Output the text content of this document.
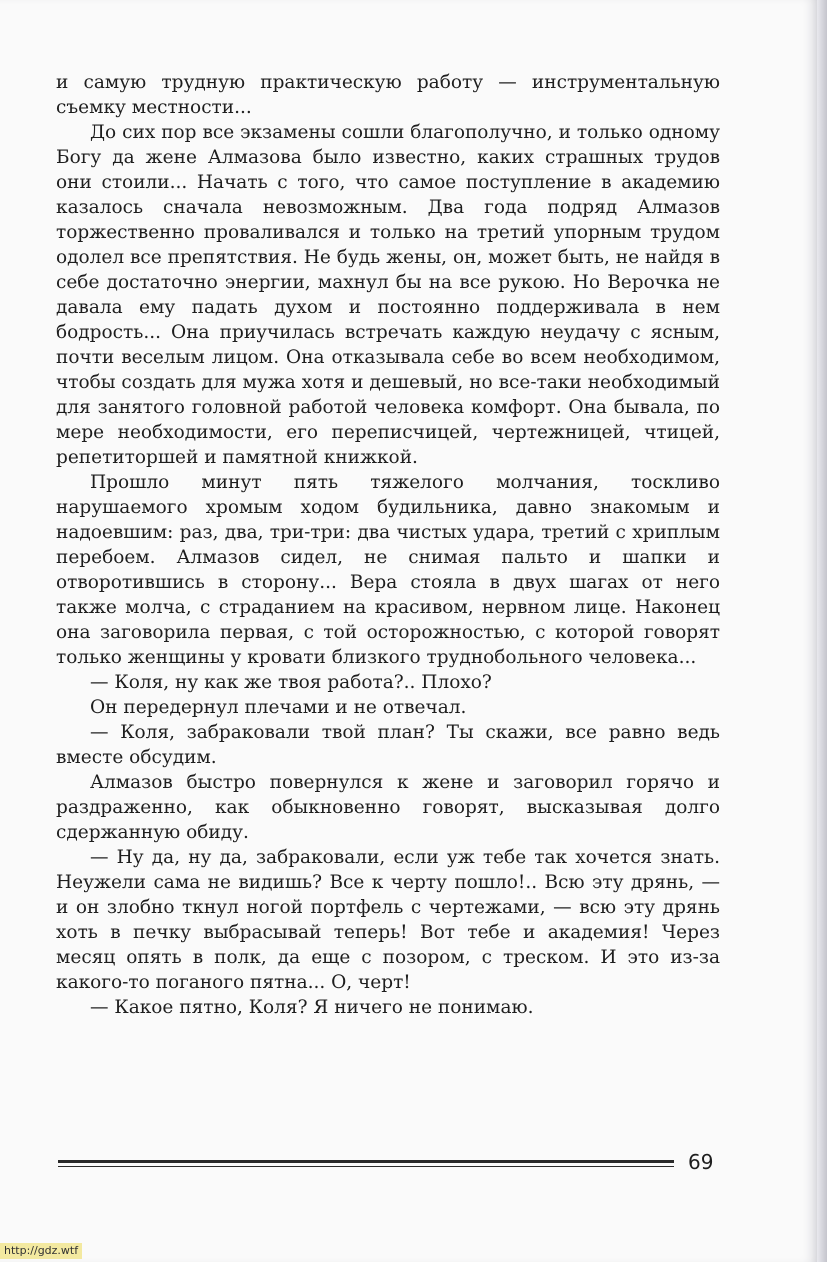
и самую трудную практическую работу — инструментальную съемку местности...

До сих пор все экзамены сошли благополучно, и только одному Богу да жене Алмазова было известно, каких страшных трудов они стоили... Начать с того, что самое поступление в академию казалось сначала невозможным. Два года подряд Алмазов торжественно проваливался и только на третий упорным трудом одолел все препятствия. Не будь жены, он, может быть, не найдя в себе достаточно энергии, махнул бы на все рукою. Но Верочка не давала ему падать духом и постоянно поддерживала в нем бодрость... Она приучилась встречать каждую неудачу с ясным, почти веселым лицом. Она отказывала себе во всем необходимом, чтобы создать для мужа хотя и дешевый, но все-таки необходимый для занятого головной работой человека комфорт. Она бывала, по мере необходимости, его переписчицей, чертежницей, чтицей, репетиторшей и памятной книжкой.

Прошло минут пять тяжелого молчания, тоскливо нарушаемого хромым ходом будильника, давно знакомым и надоевшим: раз, два, три-три: два чистых удара, третий с хриплым перебоем. Алмазов сидел, не снимая пальто и шапки и отворотившись в сторону... Вера стояла в двух шагах от него также молча, с страданием на красивом, нервном лице. Наконец она заговорила первая, с той осторожностью, с которой говорят только женщины у кровати близкого труднобольного человека...

— Коля, ну как же твоя работа?.. Плохо?

Он передернул плечами и не отвечал.

— Коля, забраковали твой план? Ты скажи, все равно ведь вместе обсудим.

Алмазов быстро повернулся к жене и заговорил горячо и раздраженно, как обыкновенно говорят, высказывая долго сдержанную обиду.

— Ну да, ну да, забраковали, если уж тебе так хочется знать. Неужели сама не видишь? Все к черту пошло!.. Всю эту дрянь, — и он злобно ткнул ногой портфель с чертежами, — всю эту дрянь хоть в печку выбрасывай теперь! Вот тебе и академия! Через месяц опять в полк, да еще с позором, с треском. И это из-за какого-то поганого пятна... О, черт!

— Какое пятно, Коля? Я ничего не понимаю.

69
http://gdz.wtf
